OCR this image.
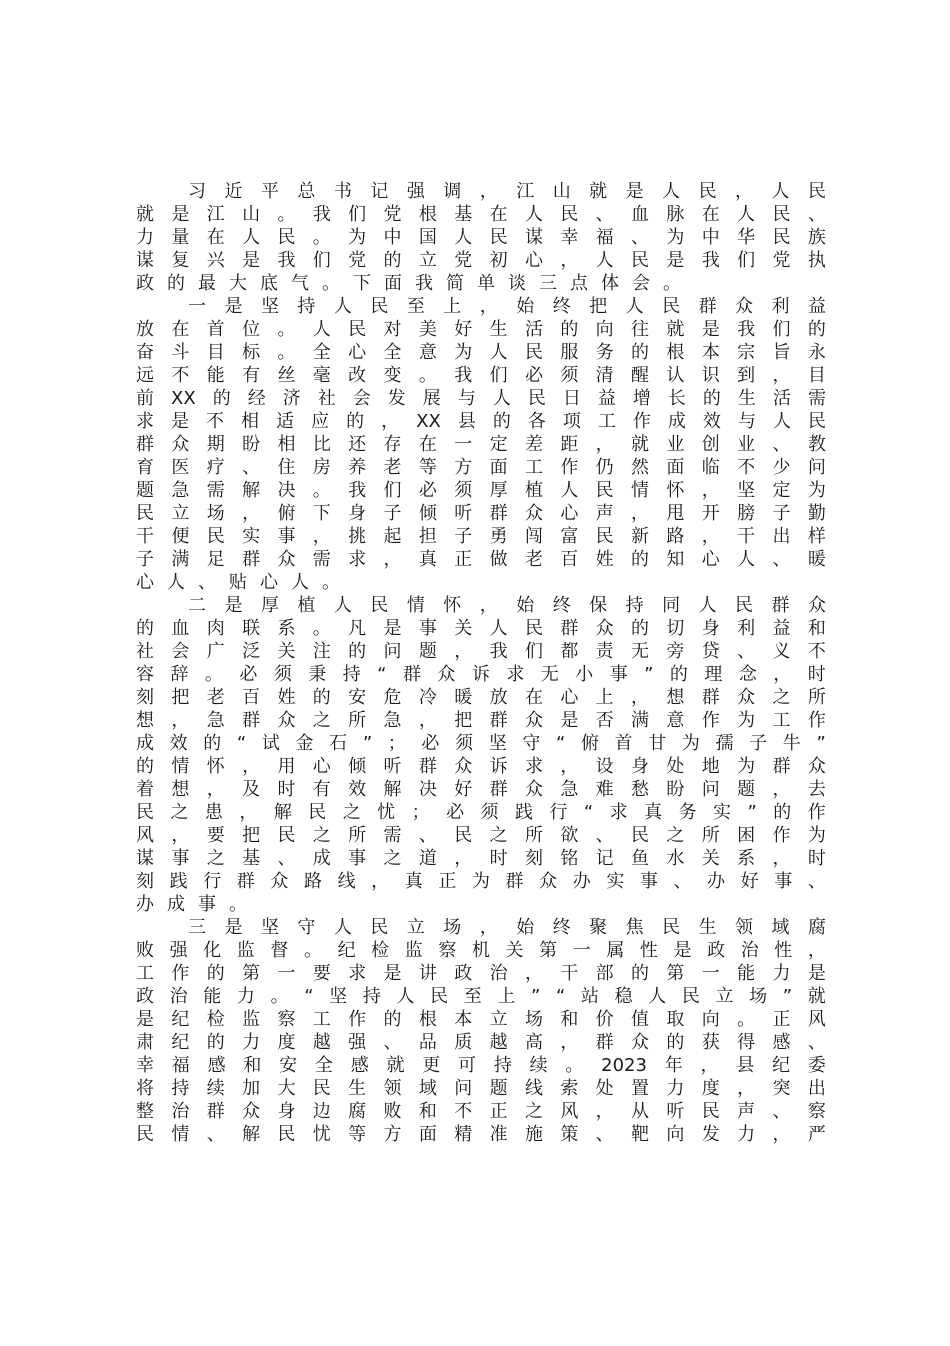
习 近 平 总 书 记 强 调 ， 江 山 就 是 人 民 ， 人 民
就 是 江 山 。 我 们 党 根 基 在 人 民 、 血 脉 在 人 民 、
力 量 在 人 民 。 为 中 国 人 民 谋 幸 福 、 为 中 华 民 族
谋 复 兴 是 我 们 党 的 立 党 初 心 ， 人 民 是 我 们 党 执
政 的 最 大 底 气 。 下 面 我 简 单 谈 三 点 体 会 。
一 是 坚 持 人 民 至 上 ， 始 终 把 人 民 群 众 利 益
放 在 首 位 。 人 民 对 美 好 生 活 的 向 往 就 是 我 们 的
奋 斗 目 标 。 全 心 全 意 为 人 民 服 务 的 根 本 宗 旨 永
远 不 能 有 丝 毫 改 变 。 我 们 必 须 清 醒 认 识 到 ， 目
前 XX 的 经 济 社 会 发 展 与 人 民 日 益 增 长 的 生 活 需
求 是 不 相 适 应 的 ， XX 县 的 各 项 工 作 成 效 与 人 民
群 众 期 盼 相 比 还 存 在 一 定 差 距 ， 就 业 创 业 、 教
育 医 疗 、 住 房 养 老 等 方 面 工 作 仍 然 面 临 不 少 问
题 急 需 解 决 。 我 们 必 须 厚 植 人 民 情 怀 ， 坚 定 为
民 立 场 ， 俯 下 身 子 倾 听 群 众 心 声 ， 甩 开 膀 子 勤
干 便 民 实 事 ， 挑 起 担 子 勇 闯 富 民 新 路 ， 干 出 样
子 满 足 群 众 需 求 ， 真 正 做 老 百 姓 的 知 心 人 、 暖
心 人 、 贴 心 人 。
二 是 厚 植 人 民 情 怀 ， 始 终 保 持 同 人 民 群 众
的 血 肉 联 系 。 凡 是 事 关 人 民 群 众 的 切 身 利 益 和
社 会 广 泛 关 注 的 问 题 ， 我 们 都 责 无 旁 贷 、 义 不
容 辞 。 必 须 秉 持 “ 群 众 诉 求 无 小 事 ” 的 理 念 ， 时
刻 把 老 百 姓 的 安 危 冷 暖 放 在 心 上 ， 想 群 众 之 所
想 ， 急 群 众 之 所 急 ， 把 群 众 是 否 满 意 作 为 工 作
成 效 的 “ 试 金 石 ” ； 必 须 坚 守 “ 俯 首 甘 为 孺 子 牛 ”
的 情 怀 ， 用 心 倾 听 群 众 诉 求 ， 设 身 处 地 为 群 众
着 想 ， 及 时 有 效 解 决 好 群 众 急 难 愁 盼 问 题 ， 去
民 之 患 ， 解 民 之 忧 ； 必 须 践 行 “ 求 真 务 实 ” 的 作
风 ， 要 把 民 之 所 需 、 民 之 所 欲 、 民 之 所 困 作 为
谋 事 之 基 、 成 事 之 道 ， 时 刻 铭 记 鱼 水 关 系 ， 时
刻 践 行 群 众 路 线 ， 真 正 为 群 众 办 实 事 、 办 好 事 、
办 成 事 。
三 是 坚 守 人 民 立 场 ， 始 终 聚 焦 民 生 领 域 腐
败 强 化 监 督 。 纪 检 监 察 机 关 第 一 属 性 是 政 治 性 ，
工 作 的 第 一 要 求 是 讲 政 治 ， 干 部 的 第 一 能 力 是
政 治 能 力 。 “ 坚 持 人 民 至 上 ” “ 站 稳 人 民 立 场 ” 就
是 纪 检 监 察 工 作 的 根 本 立 场 和 价 值 取 向 。 正 风
肃 纪 的 力 度 越 强 、 品 质 越 高 ， 群 众 的 获 得 感 、
幸 福 感 和 安 全 感 就 更 可 持 续 。 2023 年 ， 县 纪 委
将 持 续 加 大 民 生 领 域 问 题 线 索 处 置 力 度 ， 突 出
整 治 群 众 身 边 腐 败 和 不 正 之 风 ， 从 听 民 声 、 察
民 情 、 解 民 忧 等 方 面 精 准 施 策 、 靶 向 发 力 ， 严
